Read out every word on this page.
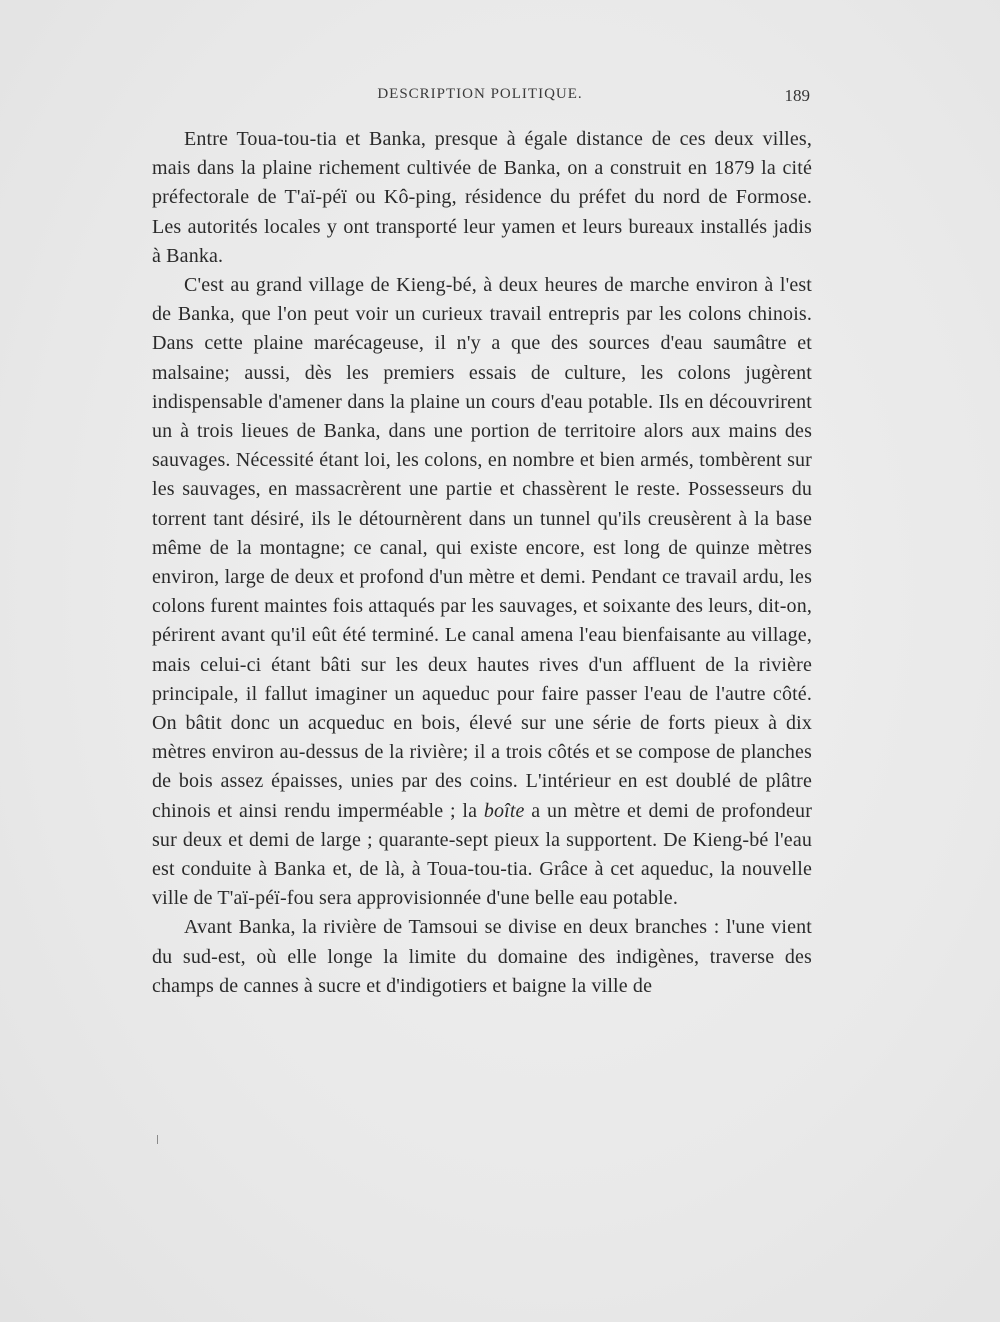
DESCRIPTION POLITIQUE.	189

Entre Toua-tou-tia et Banka, presque à égale distance de ces deux villes, mais dans la plaine richement cultivée de Banka, on a construit en 1879 la cité préfectorale de T'aï-péï ou Kô-ping, résidence du préfet du nord de Formose. Les autorités locales y ont transporté leur yamen et leurs bureaux installés jadis à Banka.

C'est au grand village de Kieng-bé, à deux heures de marche environ à l'est de Banka, que l'on peut voir un curieux travail entrepris par les colons chinois. Dans cette plaine marécageuse, il n'y a que des sources d'eau saumâtre et malsaine; aussi, dès les premiers essais de culture, les colons jugèrent indispensable d'amener dans la plaine un cours d'eau potable. Ils en découvrirent un à trois lieues de Banka, dans une portion de territoire alors aux mains des sauvages. Nécessité étant loi, les colons, en nombre et bien armés, tombèrent sur les sauvages, en massacrèrent une partie et chassèrent le reste. Possesseurs du torrent tant désiré, ils le détournèrent dans un tunnel qu'ils creusèrent à la base même de la montagne; ce canal, qui existe encore, est long de quinze mètres environ, large de deux et profond d'un mètre et demi. Pendant ce travail ardu, les colons furent maintes fois attaqués par les sauvages, et soixante des leurs, dit-on, périrent avant qu'il eût été terminé. Le canal amena l'eau bienfaisante au village, mais celui-ci étant bâti sur les deux hautes rives d'un affluent de la rivière principale, il fallut imaginer un aqueduc pour faire passer l'eau de l'autre côté. On bâtit donc un acqueduc en bois, élevé sur une série de forts pieux à dix mètres environ au-dessus de la rivière; il a trois côtés et se compose de planches de bois assez épaisses, unies par des coins. L'intérieur en est doublé de plâtre chinois et ainsi rendu imperméable ; la boîte a un mètre et demi de profondeur sur deux et demi de large ; quarante-sept pieux la supportent. De Kieng-bé l'eau est conduite à Banka et, de là, à Toua-tou-tia. Grâce à cet aqueduc, la nouvelle ville de T'aï-péï-fou sera approvisionnée d'une belle eau potable.

Avant Banka, la rivière de Tamsoui se divise en deux branches : l'une vient du sud-est, où elle longe la limite du domaine des indigènes, traverse des champs de cannes à sucre et d'indigotiers et baigne la ville de
